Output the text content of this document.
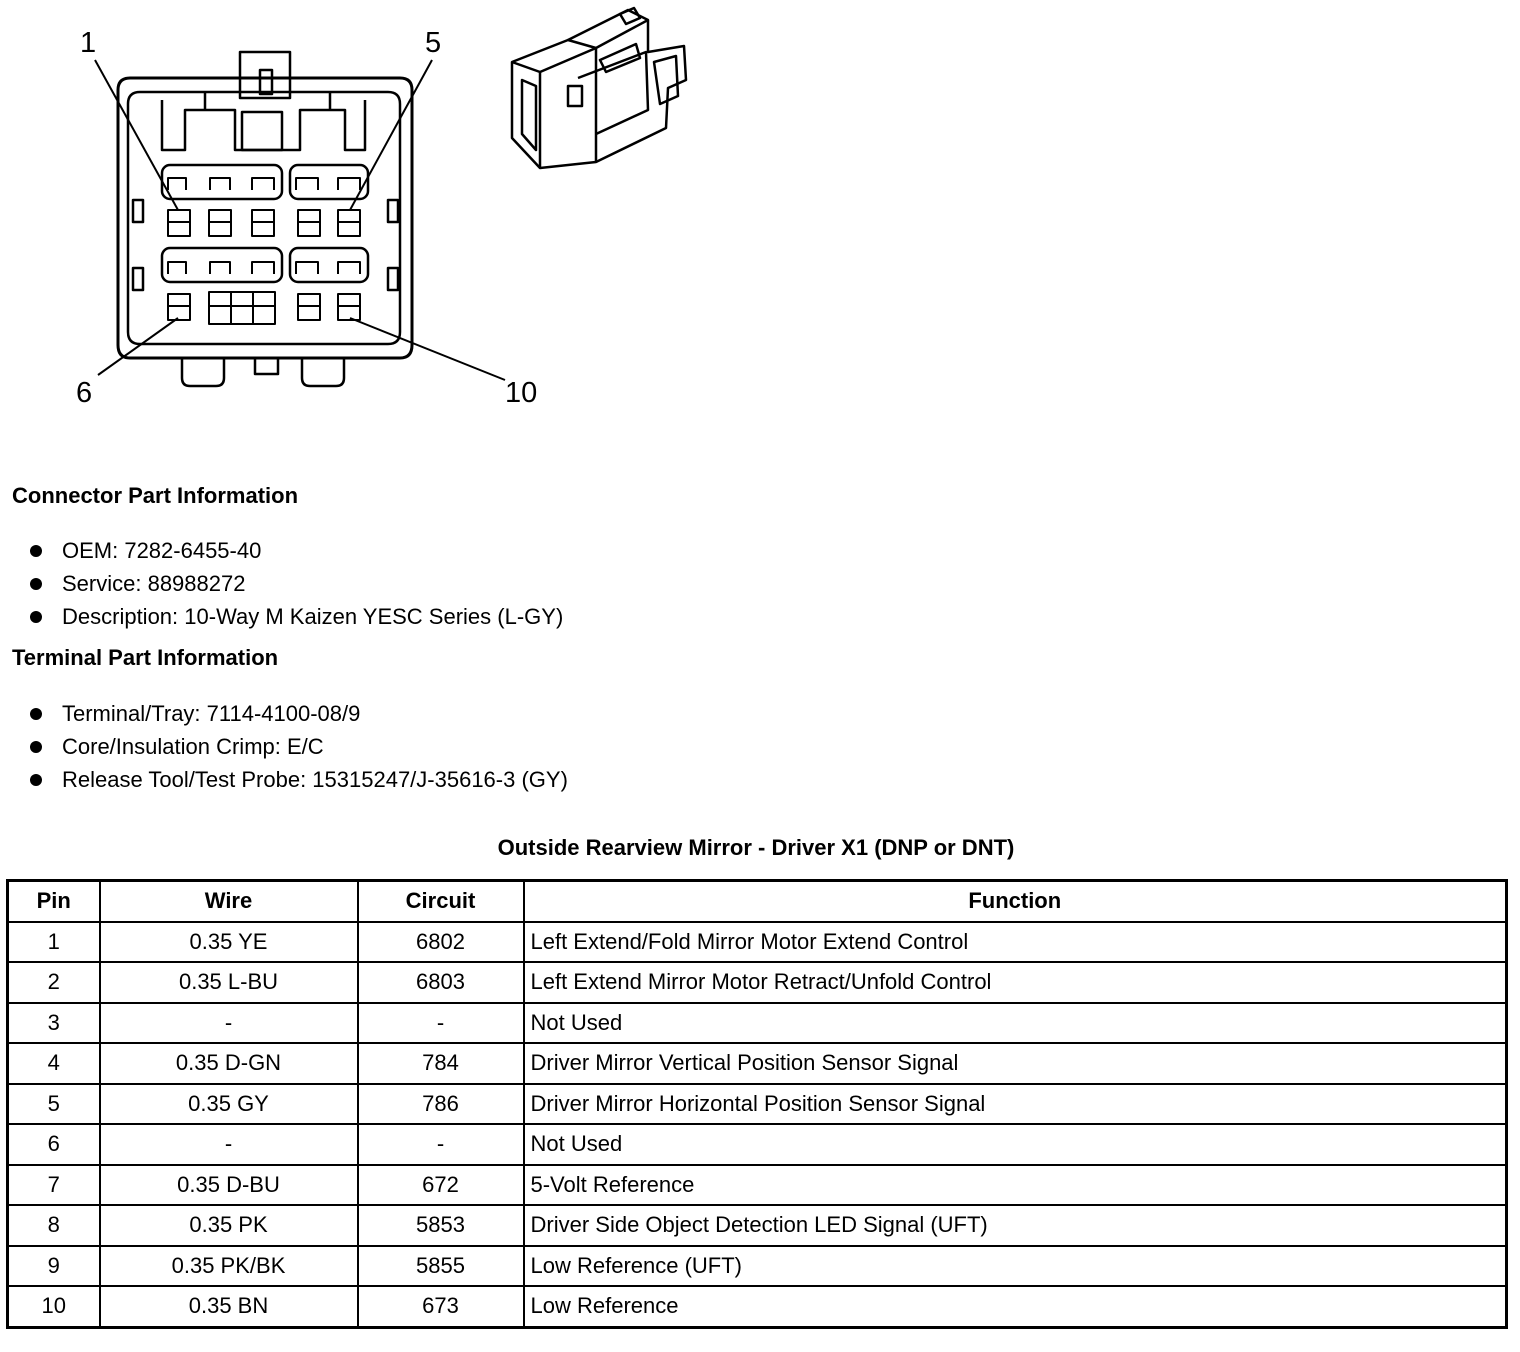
1	5
6	10
Connector Part Information
OEM: 7282-6455-40
Service: 88988272
Description: 10-Way M Kaizen YESC Series (L-GY)
Terminal Part Information
Terminal/Tray: 7114-4100-08/9
Core/Insulation Crimp: E/C
Release Tool/Test Probe: 15315247/J-35616-3 (GY)
Outside Rearview Mirror - Driver X1 (DNP or DNT)
Pin	Wire	Circuit	Function
1	0.35 YE	6802	Left Extend/Fold Mirror Motor Extend Control
2	0.35 L-BU	6803	Left Extend Mirror Motor Retract/Unfold Control
3	-	-	Not Used
4	0.35 D-GN	784	Driver Mirror Vertical Position Sensor Signal
5	0.35 GY	786	Driver Mirror Horizontal Position Sensor Signal
6	-	-	Not Used
7	0.35 D-BU	672	5-Volt Reference
8	0.35 PK	5853	Driver Side Object Detection LED Signal (UFT)
9	0.35 PK/BK	5855	Low Reference (UFT)
10	0.35 BN	673	Low Reference
